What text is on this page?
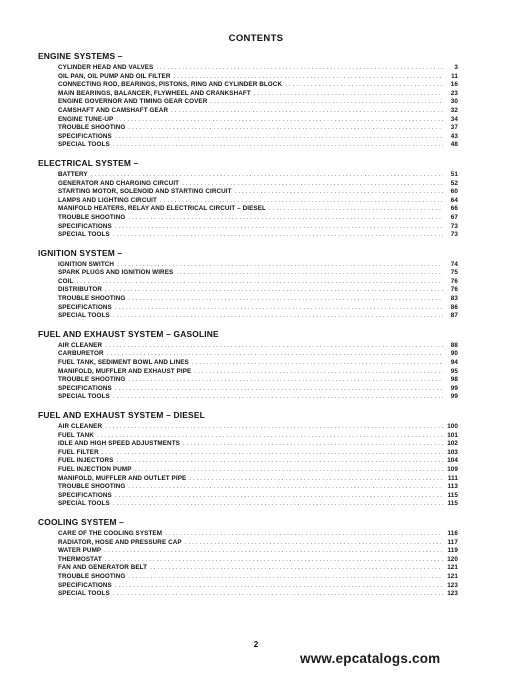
CONTENTS
ENGINE SYSTEMS –
CYLINDER HEAD AND VALVES . . .	3
OIL PAN, OIL PUMP AND OIL FILTER . . .	11
CONNECTING ROD, BEARINGS, PISTONS, RING AND CYLINDER BLOCK . . .	16
MAIN BEARINGS, BALANCER, FLYWHEEL AND CRANKSHAFT . . .	23
ENGINE GOVERNOR AND TIMING GEAR COVER . . .	30
CAMSHAFT AND CAMSHAFT GEAR . . .	32
ENGINE TUNE-UP . . .	34
TROUBLE SHOOTING . . .	37
SPECIFICATIONS . . .	43
SPECIAL TOOLS . . .	48
ELECTRICAL SYSTEM –
BATTERY . . .	51
GENERATOR AND CHARGING CIRCUIT . . .	52
STARTING MOTOR, SOLENOID AND STARTING CIRCUIT . . .	60
LAMPS AND LIGHTING CIRCUIT . . .	64
MANIFOLD HEATERS, RELAY AND ELECTRICAL CIRCUIT – DIESEL . . .	66
TROUBLE SHOOTING . . .	67
SPECIFICATIONS . . .	73
SPECIAL TOOLS . . .	73
IGNITION SYSTEM –
IGNITION SWITCH . . .	74
SPARK PLUGS AND IGNITION WIRES . . .	75
COIL . . .	76
DISTRIBUTOR . . .	76
TROUBLE SHOOTING . . .	83
SPECIFICATIONS . . .	86
SPECIAL TOOLS . . .	87
FUEL AND EXHAUST SYSTEM – GASOLINE
AIR CLEANER . . .	88
CARBURETOR . . .	90
FUEL TANK, SEDIMENT BOWL AND LINES . . .	94
MANIFOLD, MUFFLER AND EXHAUST PIPE . . .	95
TROUBLE SHOOTING . . .	98
SPECIFICATIONS . . .	99
SPECIAL TOOLS . . .	99
FUEL AND EXHAUST SYSTEM – DIESEL
AIR CLEANER . . .	100
FUEL TANK . . .	101
IDLE AND HIGH SPEED ADJUSTMENTS . . .	102
FUEL FILTER . . .	103
FUEL INJECTORS . . .	104
FUEL INJECTION PUMP . . .	109
MANIFOLD, MUFFLER AND OUTLET PIPE . . .	111
TROUBLE SHOOTING . . .	113
SPECIFICATIONS . . .	115
SPECIAL TOOLS . . .	115
COOLING SYSTEM –
CARE OF THE COOLING SYSTEM . . .	116
RADIATOR, HOSE AND PRESSURE CAP . . .	117
WATER PUMP . . .	119
THERMOSTAT . . .	120
FAN AND GENERATOR BELT . . .	121
TROUBLE SHOOTING . . .	121
SPECIFICATIONS . . .	123
SPECIAL TOOLS . . .	123
2
www.epcatalogs.com
